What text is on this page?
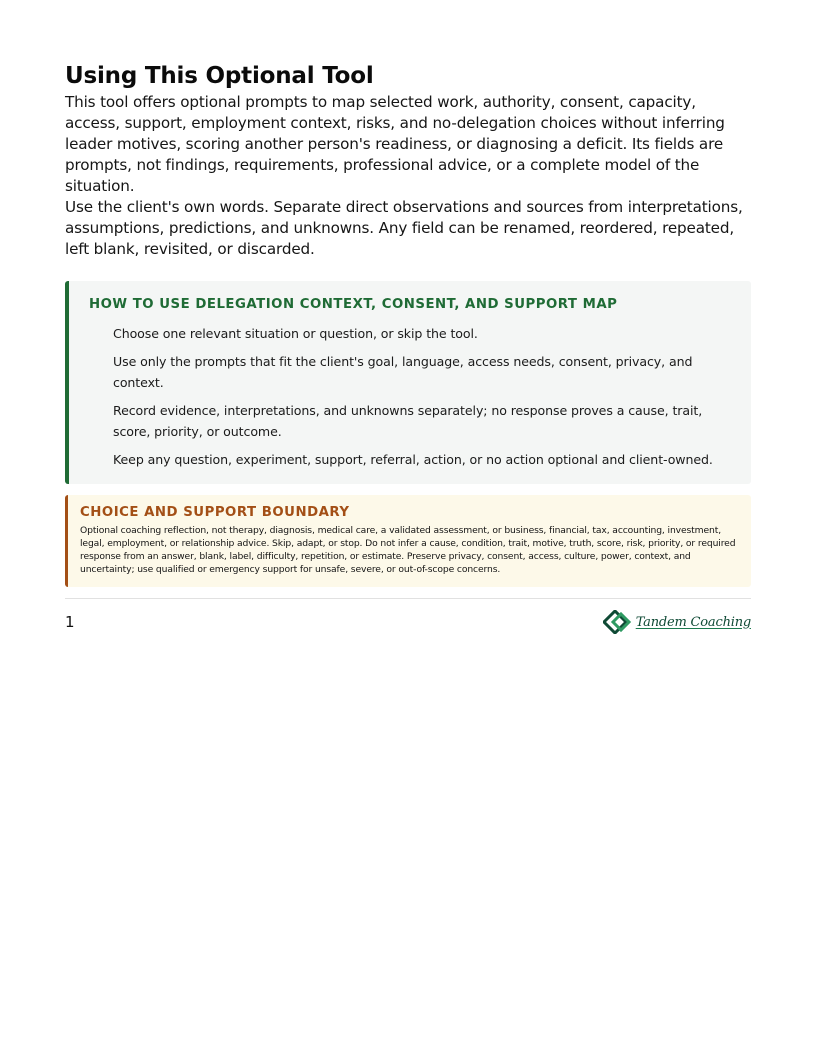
Using This Optional Tool

This tool offers optional prompts to map selected work, authority, consent, capacity, access, support, employment context, risks, and no-delegation choices without inferring leader motives, scoring another person's readiness, or diagnosing a deficit. Its fields are prompts, not findings, requirements, professional advice, or a complete model of the situation.

Use the client's own words. Separate direct observations and sources from interpretations, assumptions, predictions, and unknowns. Any field can be renamed, reordered, repeated, left blank, revisited, or discarded.

HOW TO USE DELEGATION CONTEXT, CONSENT, AND SUPPORT MAP
Choose one relevant situation or question, or skip the tool.
Use only the prompts that fit the client's goal, language, access needs, consent, privacy, and context.
Record evidence, interpretations, and unknowns separately; no response proves a cause, trait, score, priority, or outcome.
Keep any question, experiment, support, referral, action, or no action optional and client-owned.
CHOICE AND SUPPORT BOUNDARY

Optional coaching reflection, not therapy, diagnosis, medical care, a validated assessment, or business, financial, tax, accounting, investment, legal, employment, or relationship advice. Skip, adapt, or stop. Do not infer a cause, condition, trait, motive, truth, score, risk, priority, or required response from an answer, blank, label, difficulty, repetition, or estimate. Preserve privacy, consent, access, culture, power, context, and uncertainty; use qualified or emergency support for unsafe, severe, or out-of-scope concerns.

1	Tandem Coaching
